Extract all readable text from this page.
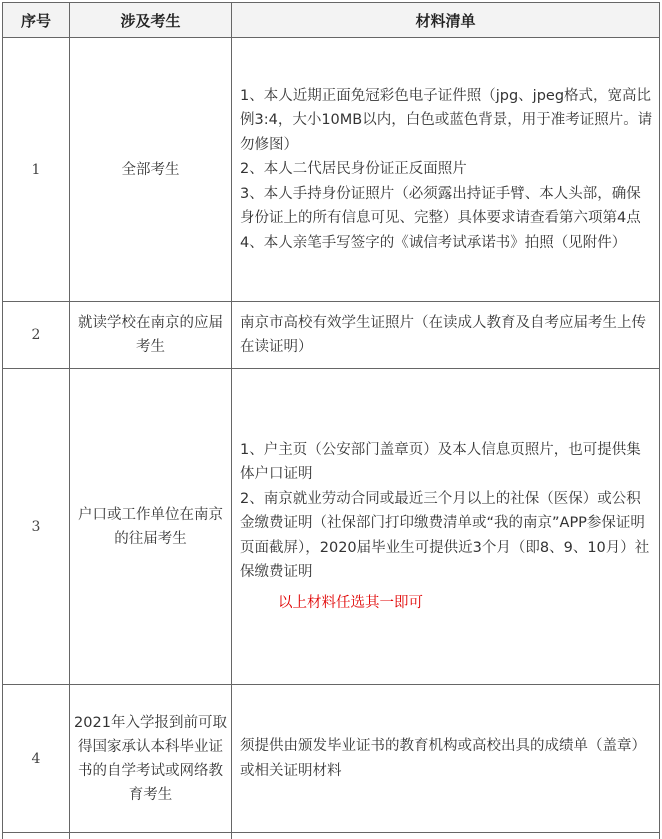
序号	涉及考生	材料清单
1	全部考生	1、本人近期正面免冠彩色电子证件照（jpg、jpeg格式，宽高比例3:4，大小10MB以内，白色或蓝色背景，用于准考证照片。请勿修图）
2、本人二代居民身份证正反面照片
3、本人手持身份证照片（必须露出持证手臂、本人头部，确保身份证上的所有信息可见、完整）具体要求请查看第六项第4点
4、本人亲笔手写签字的《诚信考试承诺书》拍照（见附件）

2	就读学校在南京的应届考生	南京市高校有效学生证照片（在读成人教育及自考应届考生上传在读证明）

3	户口或工作单位在南京的往届考生	1、户主页（公安部门盖章页）及本人信息页照片，也可提供集体户口证明
2、南京就业劳动合同或最近三个月以上的社保（医保）或公积金缴费证明（社保部门打印缴费清单或“我的南京”APP参保证明页面截屏），2020届毕业生可提供近3个月（即8、9、10月）社保缴费证明
以上材料任选其一即可

4	2021年入学报到前可取得国家承认本科毕业证书的自学考试或网络教育考生	须提供由颁发毕业证书的教育机构或高校出具的成绩单（盖章）或相关证明材料
